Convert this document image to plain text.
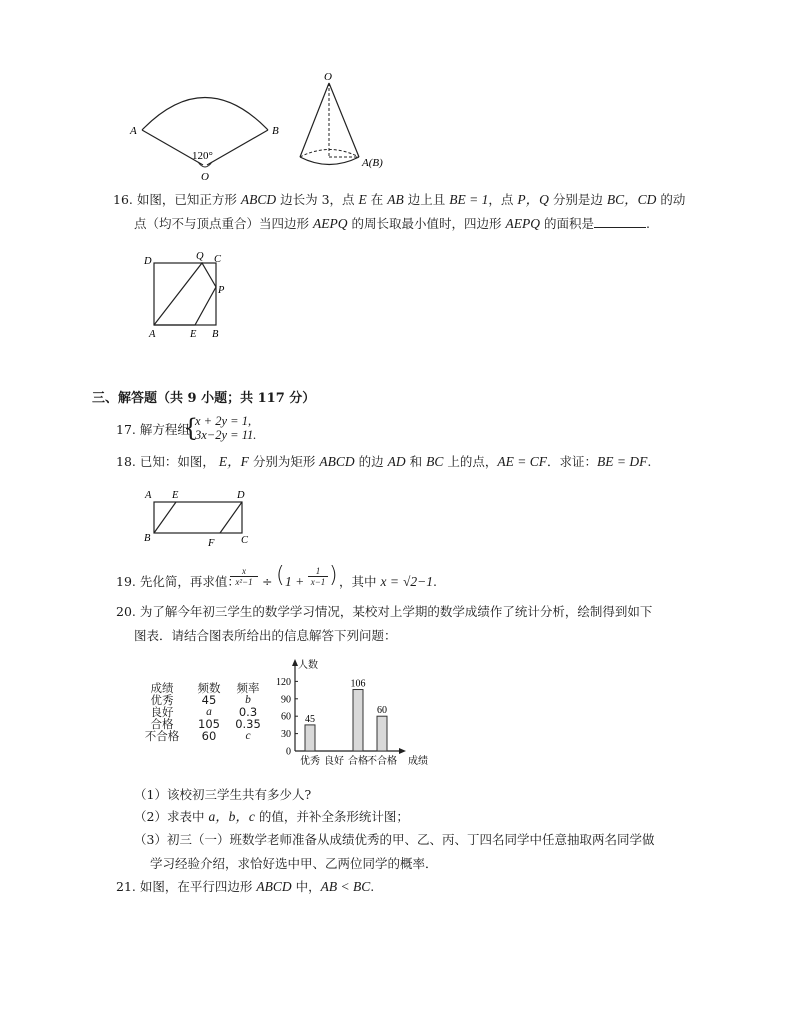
A	B
120°
O
O
A(B)
16. 如图，已知正方形 ABCD 边长为 3，点 E 在 AB 边上且 BE = 1，点 P，Q 分别是边 BC，CD 的动
点（均不与顶点重合）当四边形 AEPQ 的周长取最小值时，四边形 AEPQ 的面积是	.
D	Q C
P
A	E B
三、解答题（共 9 小题；共 117 分）
17. 解方程组
{
x + 2y = 1,
3x−2y = 11.
18. 已知：如图， E，F 分别为矩形 ABCD 的边 AD 和 BC 上的点，AE = CF．求证：BE = DF.
A E	D
B	F	C
19. 先化简，再求值：
$\frac{x}{\text{x²−1}}$ ÷ ( $1 + \frac{1}{x-1}$ ) ，其中 x = √2−1.
20. 为了解今年初三学生的数学学习情况，某校对上学期的数学成绩作了统计分析，绘制得到如下
图表．请结合图表所给出的信息解答下列问题：
成绩	频数	频率
优秀	45	b
良好	a	0.3
合格	105	0.35
不合格	60	c
人数
成绩
0
30
60
90
120
45
106
60
优秀 良好 合格 不合格
（1）该校初三学生共有多少人?
（2）求表中 a，b，c 的值，并补全条形统计图；
（3）初三（一）班数学老师准备从成绩优秀的甲、乙、丙、丁四名同学中任意抽取两名同学做
学习经验介绍，求恰好选中甲、乙两位同学的概率．
21. 如图，在平行四边形 ABCD 中，AB < BC.
